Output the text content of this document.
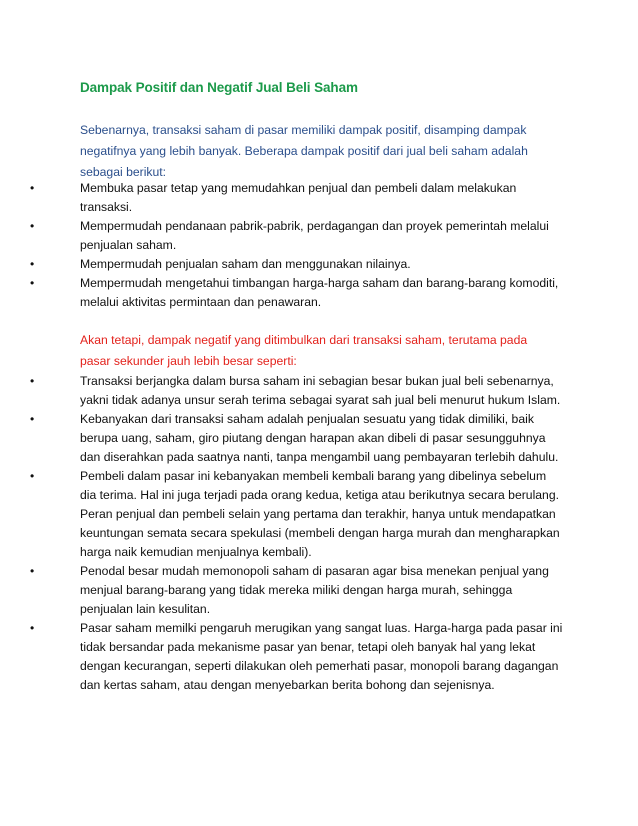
Dampak Positif dan Negatif Jual Beli Saham
Sebenarnya, transaksi saham di pasar memiliki dampak positif, disamping dampak negatifnya yang lebih banyak. Beberapa dampak positif dari jual beli saham adalah sebagai berikut:
•	Membuka pasar tetap yang memudahkan penjual dan pembeli dalam melakukan transaksi.
•	Mempermudah pendanaan pabrik-pabrik, perdagangan dan proyek pemerintah melalui penjualan saham.
•	Mempermudah penjualan saham dan menggunakan nilainya.
•	Mempermudah mengetahui timbangan harga-harga saham dan barang-barang komoditi, melalui aktivitas permintaan dan penawaran.
Akan tetapi, dampak negatif yang ditimbulkan dari transaksi saham, terutama pada pasar sekunder jauh lebih besar seperti:
•	Transaksi berjangka dalam bursa saham ini sebagian besar bukan jual beli sebenarnya, yakni tidak adanya unsur serah terima sebagai syarat sah jual beli menurut hukum Islam.
•	Kebanyakan dari transaksi saham adalah penjualan sesuatu yang tidak dimiliki, baik berupa uang, saham, giro piutang dengan harapan akan dibeli di pasar sesungguhnya dan diserahkan pada saatnya nanti, tanpa mengambil uang pembayaran terlebih dahulu.
•	Pembeli dalam pasar ini kebanyakan membeli kembali barang yang dibelinya sebelum dia terima. Hal ini juga terjadi pada orang kedua, ketiga atau berikutnya secara berulang. Peran penjual dan pembeli selain yang pertama dan terakhir, hanya untuk mendapatkan keuntungan semata secara spekulasi (membeli dengan harga murah dan mengharapkan harga naik kemudian menjualnya kembali).
•	Penodal besar mudah memonopoli saham di pasaran agar bisa menekan penjual yang menjual barang-barang yang tidak mereka miliki dengan harga murah, sehingga penjualan lain kesulitan.
•	Pasar saham memilki pengaruh merugikan yang sangat luas. Harga-harga pada pasar ini tidak bersandar pada mekanisme pasar yan benar, tetapi oleh banyak hal yang lekat dengan kecurangan, seperti dilakukan oleh pemerhati pasar, monopoli barang dagangan dan kertas saham, atau dengan menyebarkan berita bohong dan sejenisnya.
